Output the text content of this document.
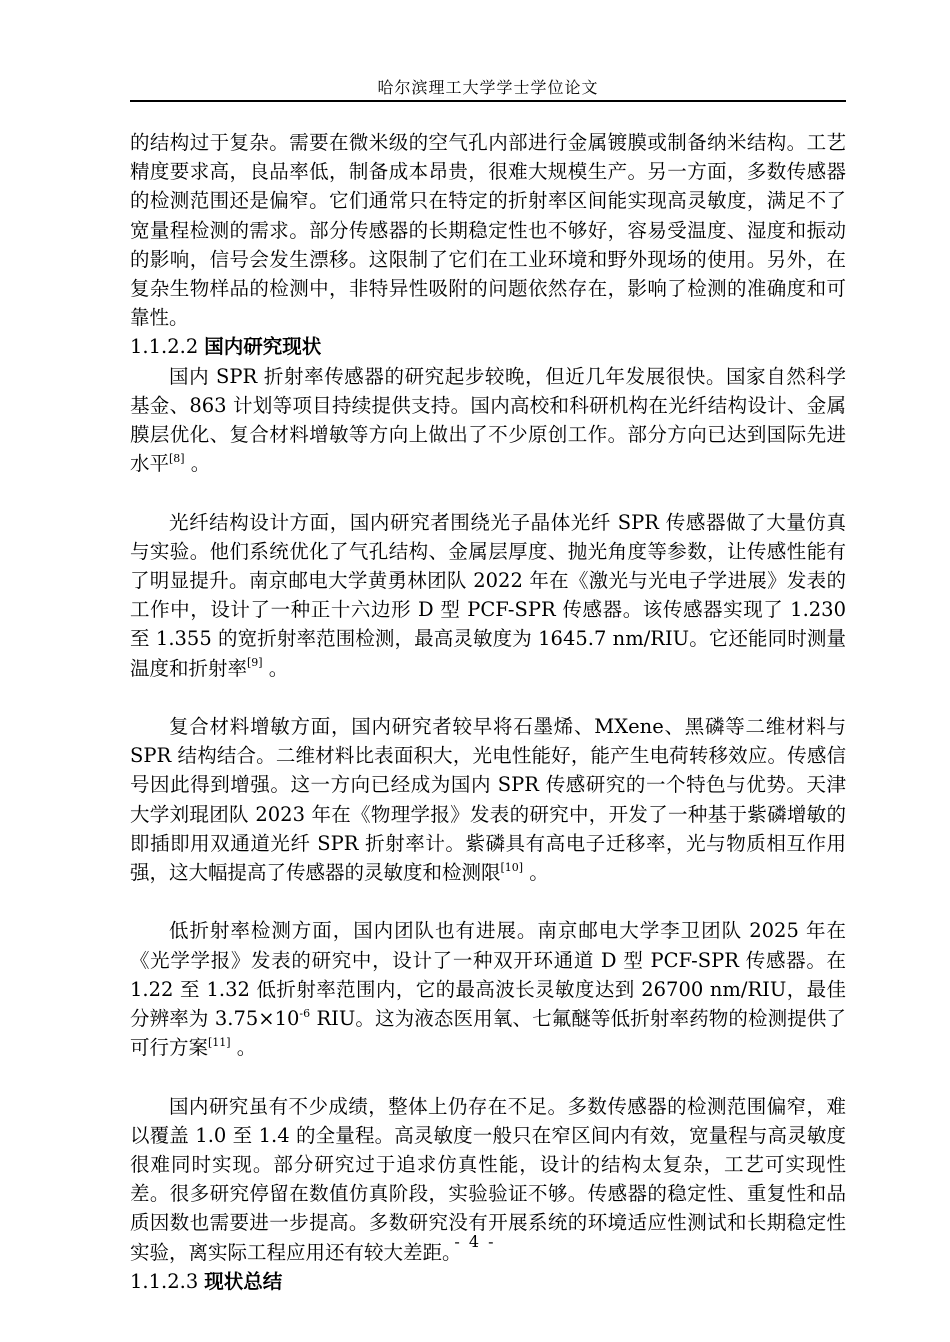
哈尔滨理工大学学士学位论文

的结构过于复杂。需要在微米级的空气孔内部进行金属镀膜或制备纳米结构。工艺精度要求高，良品率低，制备成本昂贵，很难大规模生产。另一方面，多数传感器的检测范围还是偏窄。它们通常只在特定的折射率区间能实现高灵敏度，满足不了宽量程检测的需求。部分传感器的长期稳定性也不够好，容易受温度、湿度和振动的影响，信号会发生漂移。这限制了它们在工业环境和野外现场的使用。另外，在复杂生物样品的检测中，非特异性吸附的问题依然存在，影响了检测的准确度和可靠性。

1.1.2.2 国内研究现状

国内 SPR 折射率传感器的研究起步较晚，但近几年发展很快。国家自然科学基金、863 计划等项目持续提供支持。国内高校和科研机构在光纤结构设计、金属膜层优化、复合材料增敏等方向上做出了不少原创工作。部分方向已达到国际先进水平[8] 。

光纤结构设计方面，国内研究者围绕光子晶体光纤 SPR 传感器做了大量仿真与实验。他们系统优化了气孔结构、金属层厚度、抛光角度等参数，让传感性能有了明显提升。南京邮电大学黄勇林团队 2022 年在《激光与光电子学进展》发表的工作中，设计了一种正十六边形 D 型 PCF-SPR 传感器。该传感器实现了 1.230 至 1.355 的宽折射率范围检测，最高灵敏度为 1645.7 nm/RIU。它还能同时测量温度和折射率[9] 。

复合材料增敏方面，国内研究者较早将石墨烯、MXene、黑磷等二维材料与 SPR 结构结合。二维材料比表面积大，光电性能好，能产生电荷转移效应。传感信号因此得到增强。这一方向已经成为国内 SPR 传感研究的一个特色与优势。天津大学刘琨团队 2023 年在《物理学报》发表的研究中，开发了一种基于紫磷增敏的即插即用双通道光纤 SPR 折射率计。紫磷具有高电子迁移率，光与物质相互作用强，这大幅提高了传感器的灵敏度和检测限[10] 。

低折射率检测方面，国内团队也有进展。南京邮电大学李卫团队 2025 年在《光学学报》发表的研究中，设计了一种双开环通道 D 型 PCF-SPR 传感器。在 1.22 至 1.32 低折射率范围内，它的最高波长灵敏度达到 26700 nm/RIU，最佳分辨率为 $3.75\times 10^{-6}$ RIU。这为液态医用氧、七氟醚等低折射率药物的检测提供了可行方案[11] 。

国内研究虽有不少成绩，整体上仍存在不足。多数传感器的检测范围偏窄，难以覆盖 1.0 至 1.4 的全量程。高灵敏度一般只在窄区间内有效，宽量程与高灵敏度很难同时实现。部分研究过于追求仿真性能，设计的结构太复杂，工艺可实现性差。很多研究停留在数值仿真阶段，实验验证不够。传感器的稳定性、重复性和品质因数也需要进一步提高。多数研究没有开展系统的环境适应性测试和长期稳定性实验，离实际工程应用还有较大差距。

1.1.2.3 现状总结
- 4 -
